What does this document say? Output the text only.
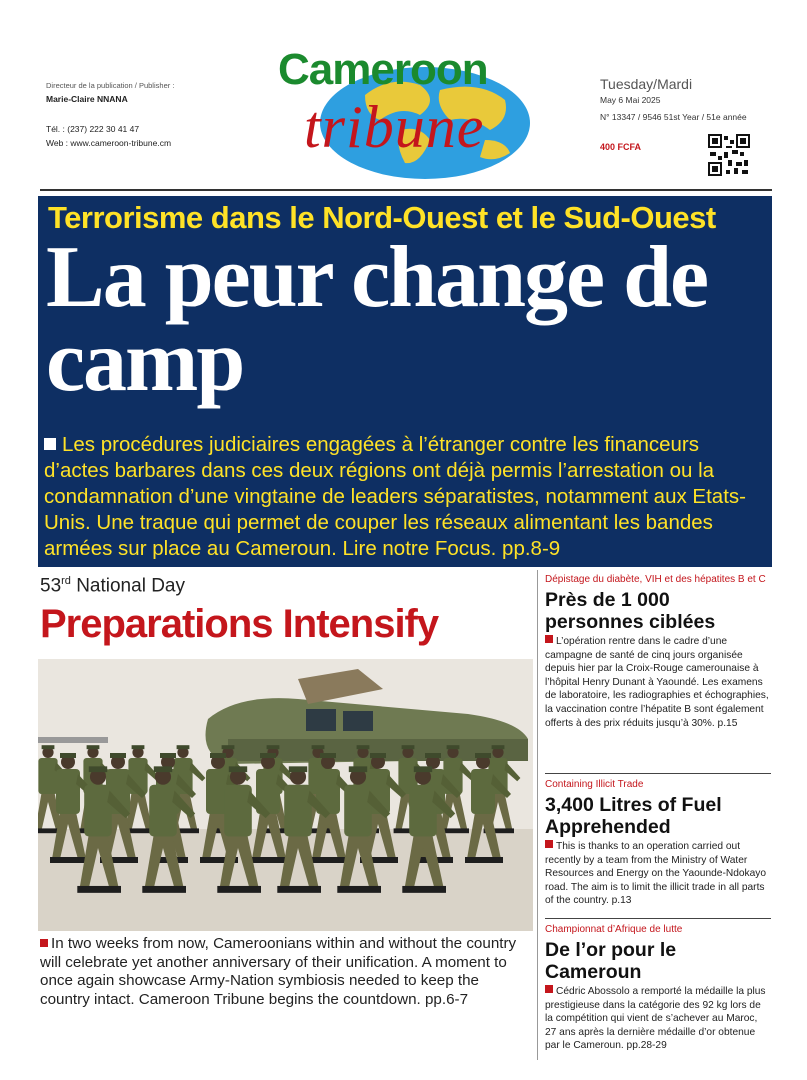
Directeur de la publication / Publisher :
Marie-Claire NNANA
Tél. : (237) 222 30 41 47
Web : www.cameroon-tribune.cm
Cameroon
tribune
Tuesday/Mardi
May 6 Mai 2025
N° 13347 / 9546 51st Year / 51e année
400 FCFA
Terrorisme dans le Nord-Ouest et le Sud-Ouest
La peur change de camp
Les procédures judiciaires engagées à l’étranger contre les financeurs d’actes barbares dans ces deux régions ont déjà permis l’arrestation ou la condamnation d’une vingtaine de leaders séparatistes, notamment aux Etats-Unis. Une traque qui permet de couper les réseaux alimentant les bandes armées sur place au Cameroun. Lire notre Focus. pp.8-9
53rd National Day
Preparations Intensify
In two weeks from now, Cameroonians within and without the country will celebrate yet another anniversary of their unification. A moment to once again showcase Army-Nation symbiosis needed to keep the country intact. Cameroon Tribune begins the countdown. pp.6-7
Dépistage du diabète, VIH et des hépatites B et C
Près de 1 000 personnes ciblées
L’opération rentre dans le cadre d’une campagne de santé de cinq jours organisée depuis hier par la Croix-Rouge camerounaise à l’hôpital Henry Dunant à Yaoundé. Les examens de laboratoire, les radiographies et échographies, la vaccination contre l’hépatite B sont également offerts à des prix réduits jusqu’à 30%. p.15
Containing Illicit Trade
3,400 Litres of Fuel Apprehended
This is thanks to an operation carried out recently by a team from the Ministry of Water Resources and Energy on the Yaounde-Ndokayo road. The aim is to limit the illicit trade in all parts of the country. p.13
Championnat d’Afrique de lutte
De l’or pour le Cameroun
Cédric Abossolo a remporté la médaille la plus prestigieuse dans la catégorie des 92 kg lors de la compétition qui vient de s’achever au Maroc, 27 ans après la dernière médaille d’or obtenue par le Cameroun. pp.28-29
